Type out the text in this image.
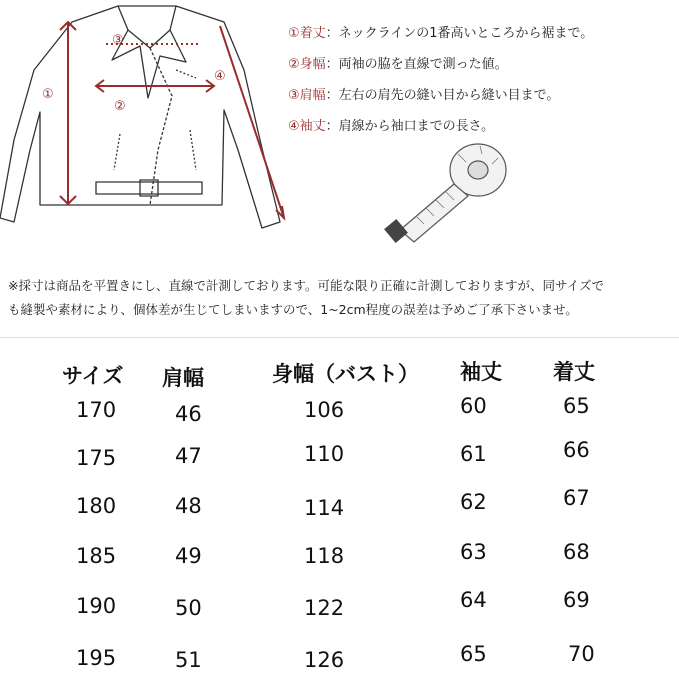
①
②
③
④
①着丈：ネックラインの1番高いところから裾まで。
②身幅：両袖の脇を直線で測った値。
③肩幅：左右の肩先の縫い目から縫い目まで。
④袖丈：肩線から袖口までの長さ。
※採寸は商品を平置きにし、直線で計測しております。可能な限り正確に計測しておりますが、同サイズで
も縫製や素材により、個体差が生じてしまいますので、1~2cm程度の誤差は予めご了承下さいませ。
サイズ 肩幅	身幅（バスト） 袖丈 着丈
170	46	106	60	65
175	47	110	61	66
180	48	114	62	67
185	49	118	63	68
190	50	122	64	69
195	51	126	65	70
